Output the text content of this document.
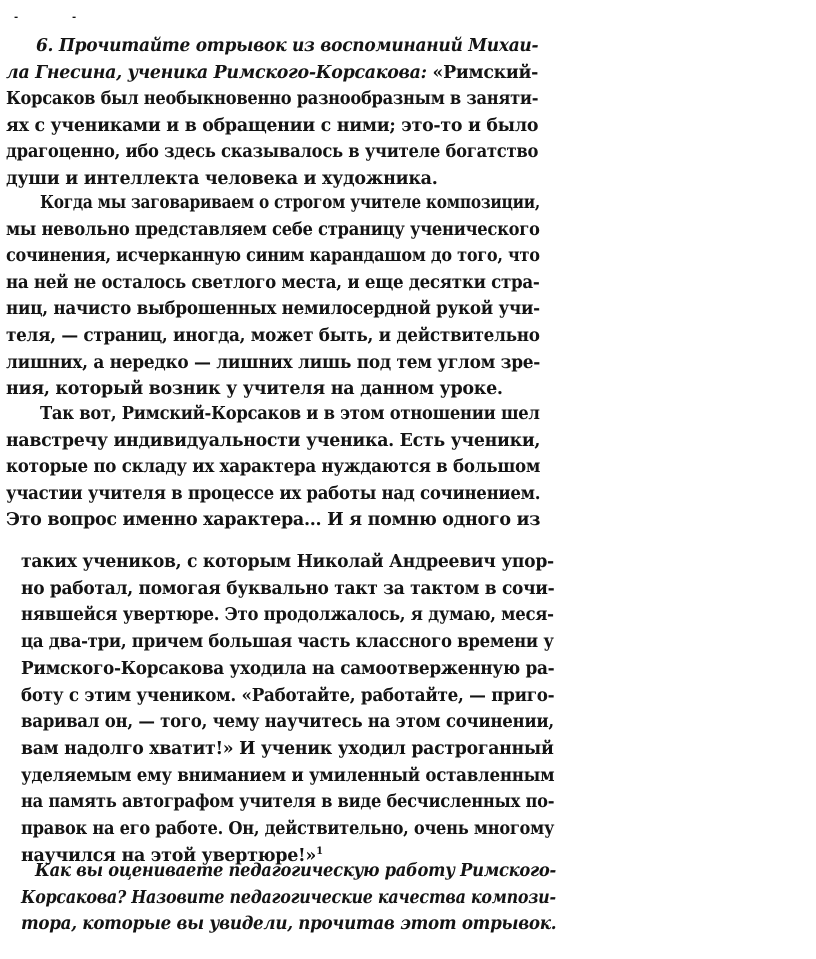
-	-
6. Прочитайте отрывок из воспоминаний Михаи-
ла Гнесина, ученика Римского-Корсакова: «Римский-
Корсаков был необыкновенно разнообразным в заняти-
ях с учениками и в обращении с ними; это-то и было
драгоценно, ибо здесь сказывалось в учителе богатство
души и интеллекта человека и художника.
Когда мы заговариваем о строгом учителе композиции,
мы невольно представляем себе страницу ученического
сочинения, исчерканную синим карандашом до того, что
на ней не осталось светлого места, и еще десятки стра-
ниц, начисто выброшенных немилосердной рукой учи-
теля, — страниц, иногда, может быть, и действительно
лишних, а нередко — лишних лишь под тем углом зре-
ния, который возник у учителя на данном уроке.
Так вот, Римский-Корсаков и в этом отношении шел
навстречу индивидуальности ученика. Есть ученики,
которые по складу их характера нуждаются в большом
участии учителя в процессе их работы над сочинением.
Это вопрос именно характера... И я помню одного из
таких учеников, с которым Николай Андреевич упор-
но работал, помогая буквально такт за тактом в сочи-
нявшейся увертюре. Это продолжалось, я думаю, меся-
ца два-три, причем большая часть классного времени у
Римского-Корсакова уходила на самоотверженную ра-
боту с этим учеником. «Работайте, работайте, — приго-
варивал он, — того, чему научитесь на этом сочинении,
вам надолго хватит!» И ученик уходил растроганный
уделяемым ему вниманием и умиленный оставленным
на память автографом учителя в виде бесчисленных по-
правок на его работе. Он, действительно, очень многому
научился на этой увертюре!»$^1$
Как вы оцениваете педагогическую работу Римского-
Корсакова? Назовите педагогические качества компози-
тора, которые вы увидели, прочитав этот отрывок.
